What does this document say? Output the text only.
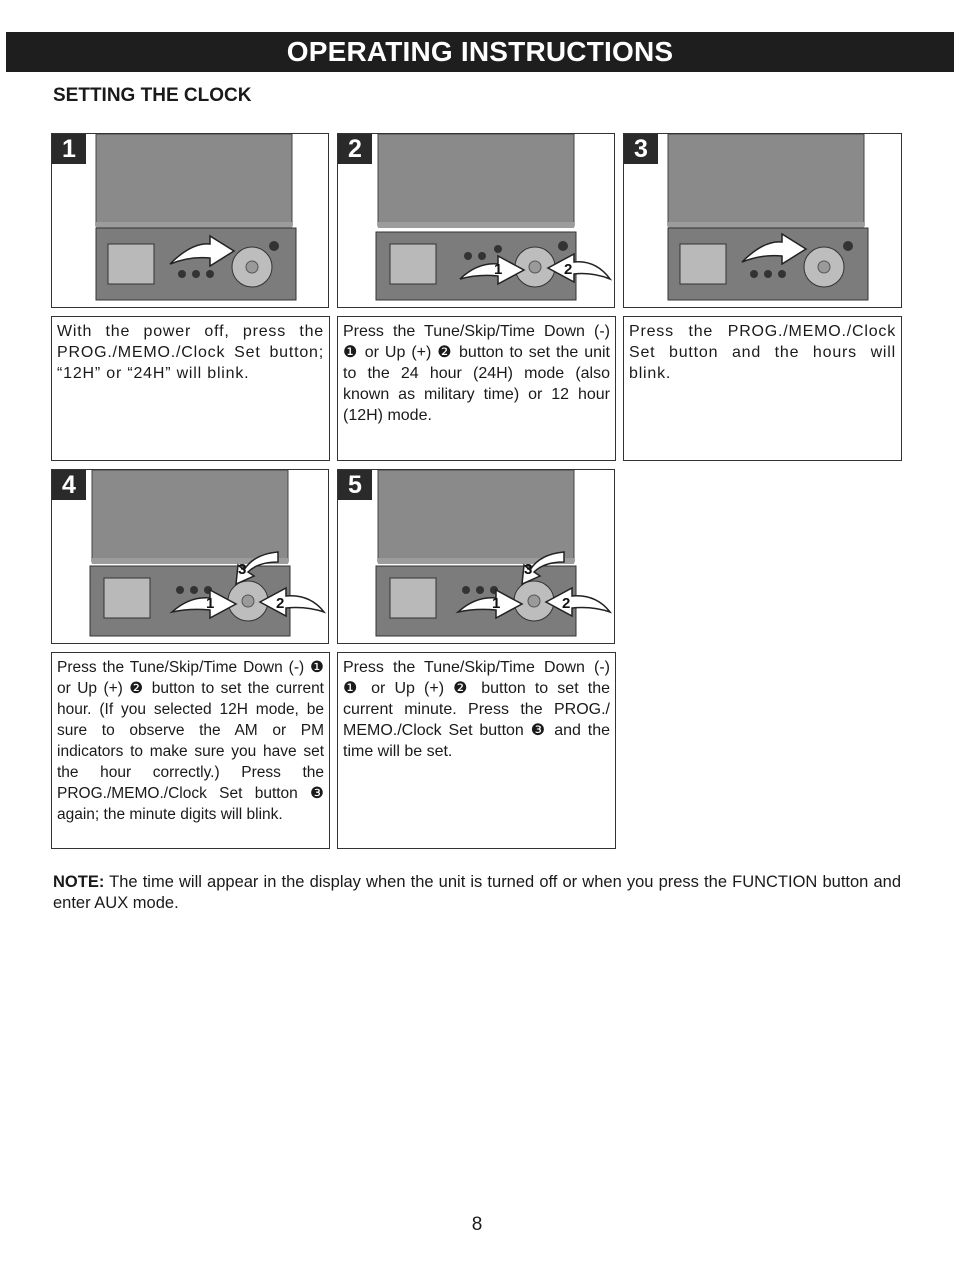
OPERATING INSTRUCTIONS
SETTING THE CLOCK
1
With the power off, press the PROG./MEMO./Clock Set button; “12H” or “24H” will blink.
2
1	2
Press the Tune/Skip/Time Down (-) ❶ or Up (+) ❷ button to set the unit to the 24 hour (24H) mode (also known as military time) or 12 hour (12H) mode.
3
Press the PROG./MEMO./Clock Set button and the hours will blink.
4
1	2
3
Press the Tune/Skip/Time Down (-) ❶ or Up (+) ❷ button to set the current hour. (If you selected 12H mode, be sure to observe the AM or PM indicators to make sure you have set the hour correctly.) Press the PROG./MEMO./Clock Set button ❸ again; the minute digits will blink.
5
1	2
3
Press the Tune/Skip/Time Down (-) ❶ or Up (+) ❷ button to set the current minute. Press the PROG./ MEMO./Clock Set button ❸ and the time will be set.
NOTE: The time will appear in the display when the unit is turned off or when you press the FUNCTION button and enter AUX mode.
8
